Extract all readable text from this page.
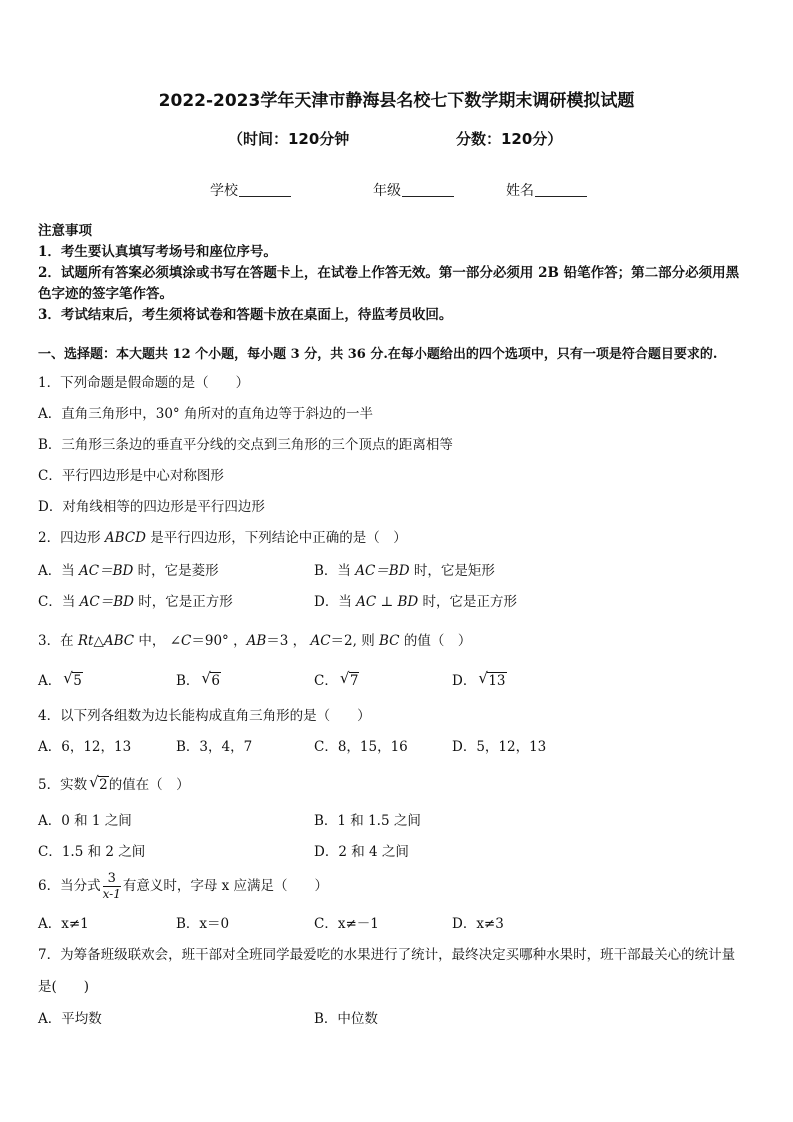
2022-2023学年天津市静海县名校七下数学期末调研模拟试题
（时间：120分钟	分数：120分）
学校	年级	姓名
注意事项
1．考生要认真填写考场号和座位序号。
2．试题所有答案必须填涂或书写在答题卡上，在试卷上作答无效。第一部分必须用 2B 铅笔作答；第二部分必须用黑
色字迹的签字笔作答。
3．考试结束后，考生须将试卷和答题卡放在桌面上，待监考员收回。
一、选择题：本大题共 12 个小题，每小题 3 分，共 36 分.在每小题给出的四个选项中，只有一项是符合题目要求的.
1．下列命题是假命题的是（　　）
A．直角三角形中，30° 角所对的直角边等于斜边的一半
B．三角形三条边的垂直平分线的交点到三角形的三个顶点的距离相等
C．平行四边形是中心对称图形
D．对角线相等的四边形是平行四边形
2．四边形 ABCD 是平行四边形，下列结论中正确的是（　）
A．当 AC＝BD 时，它是菱形	B．当 AC＝BD 时，它是矩形
C．当 AC＝BD 时，它是正方形	D．当 AC ⊥ BD 时，它是正方形
3．在 Rt△ABC 中， ∠C＝90° ，AB＝3 ， AC＝2, 则 BC 的值（　）
A． √ 5	B． √ 6	C． √ 7	D． √ 13
4．以下列各组数为边长能构成直角三角形的是（　　）
A．6，12，13	B．3，4，7	C．8，15，16	D．5，12，13
5．实数 √ 2的值在（　）
A．0 和 1 之间	B．1 和 1.5 之间
C．1.5 和 2 之间	D．2 和 4 之间
6．当分式 $\frac{3}{x-1}$ 有意义时，字母 x 应满足（　　）
A．x≠1	B．x＝0	C．x≠－1	D．x≠3
7．为筹备班级联欢会，班干部对全班同学最爱吃的水果进行了统计，最终决定买哪种水果时，班干部最关心的统计量
是(　　)
A．平均数	B．中位数
